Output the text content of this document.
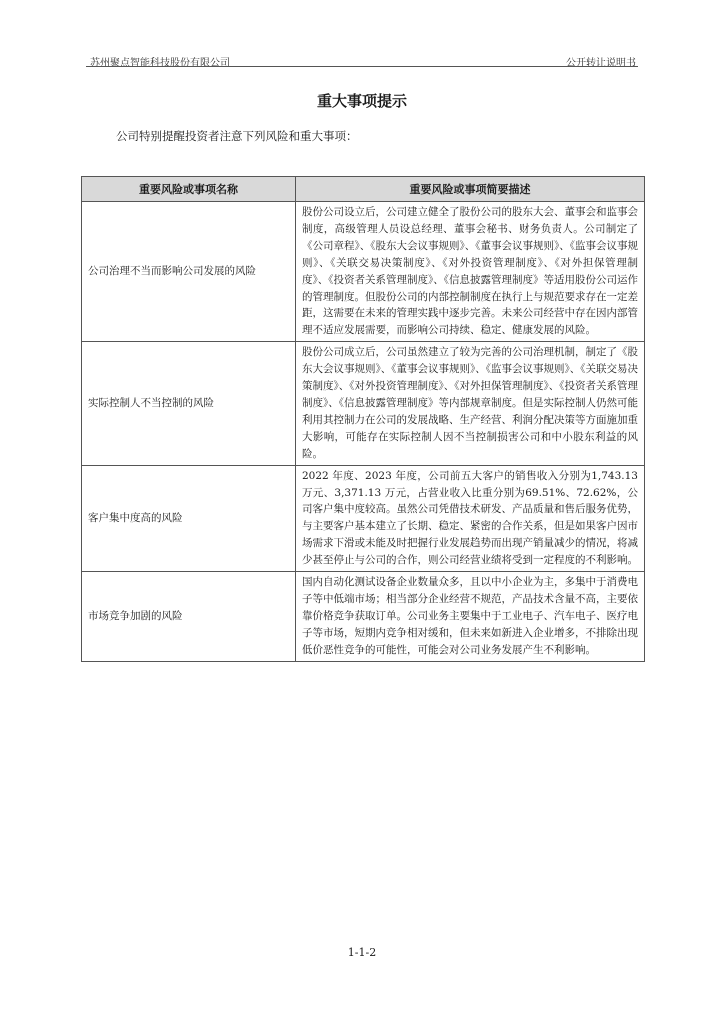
苏州聚点智能科技股份有限公司	公开转让说明书
重大事项提示
公司特别提醒投资者注意下列风险和重大事项：
重要风险或事项名称	重要风险或事项简要描述
公司治理不当而影响公司发展的风险	股份公司设立后，公司建立健全了股份公司的股东大会、董事会和监事会制度，高级管理人员设总经理、董事会秘书、财务负责人。公司制定了《公司章程》、《股东大会议事规则》、《董事会议事规则》、《监事会议事规则》、《关联交易决策制度》、《对外投资管理制度》、《对外担保管理制度》、《投资者关系管理制度》、《信息披露管理制度》等适用股份公司运作的管理制度。但股份公司的内部控制制度在执行上与规范要求存在一定差距，这需要在未来的管理实践中逐步完善。未来公司经营中存在因内部管理不适应发展需要，而影响公司持续、稳定、健康发展的风险。
实际控制人不当控制的风险	股份公司成立后，公司虽然建立了较为完善的公司治理机制，制定了《股东大会议事规则》、《董事会议事规则》、《监事会议事规则》、《关联交易决策制度》、《对外投资管理制度》、《对外担保管理制度》、《投资者关系管理制度》、《信息披露管理制度》等内部规章制度。但是实际控制人仍然可能利用其控制力在公司的发展战略、生产经营、利润分配决策等方面施加重大影响，可能存在实际控制人因不当控制损害公司和中小股东利益的风险。
客户集中度高的风险	2022 年度、2023 年度，公司前五大客户的销售收入分别为1,743.13 万元、3,371.13 万元，占营业收入比重分别为69.51%、72.62%，公司客户集中度较高。虽然公司凭借技术研发、产品质量和售后服务优势，与主要客户基本建立了长期、稳定、紧密的合作关系，但是如果客户因市场需求下滑或未能及时把握行业发展趋势而出现产销量减少的情况，将减少甚至停止与公司的合作，则公司经营业绩将受到一定程度的不利影响。
市场竞争加剧的风险	国内自动化测试设备企业数量众多，且以中小企业为主，多集中于消费电子等中低端市场；相当部分企业经营不规范，产品技术含量不高，主要依靠价格竞争获取订单。公司业务主要集中于工业电子、汽车电子、医疗电子等市场，短期内竞争相对缓和，但未来如新进入企业增多，不排除出现低价恶性竞争的可能性，可能会对公司业务发展产生不利影响。
1-1-2
